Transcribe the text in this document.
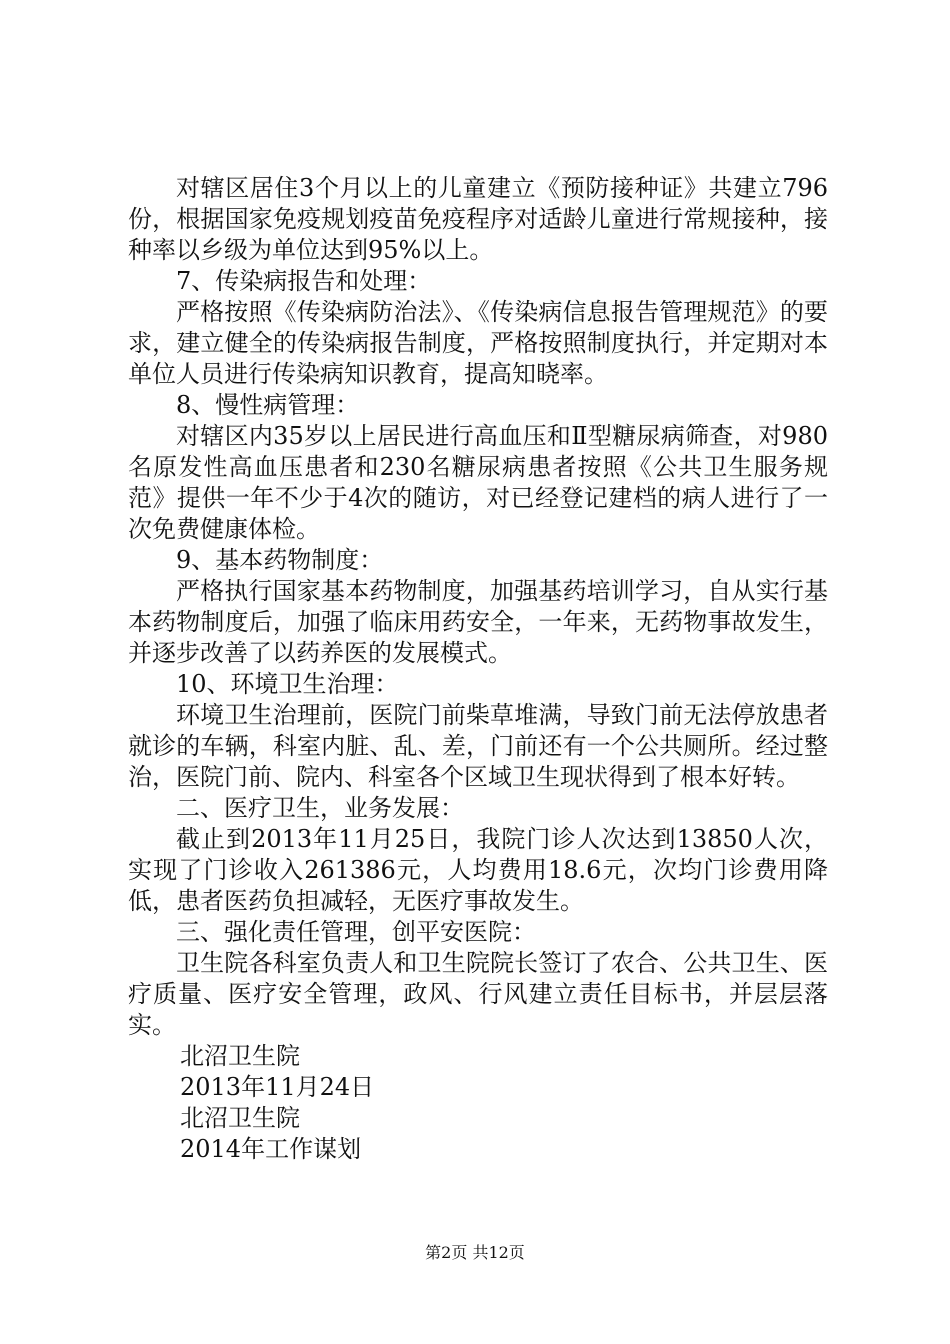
对辖区居住3个月以上的儿童建立《预防接种证》共建立796份，根据国家免疫规划疫苗免疫程序对适龄儿童进行常规接种，接种率以乡级为单位达到95%以上。

7、传染病报告和处理：

严格按照《传染病防治法》、《传染病信息报告管理规范》的要求，建立健全的传染病报告制度，严格按照制度执行，并定期对本单位人员进行传染病知识教育，提高知晓率。

8、慢性病管理：

对辖区内35岁以上居民进行高血压和Ⅱ型糖尿病筛查，对980名原发性高血压患者和230名糖尿病患者按照《公共卫生服务规范》提供一年不少于4次的随访，对已经登记建档的病人进行了一次免费健康体检。

9、基本药物制度：

严格执行国家基本药物制度，加强基药培训学习，自从实行基本药物制度后，加强了临床用药安全，一年来，无药物事故发生，并逐步改善了以药养医的发展模式。

10、环境卫生治理：

环境卫生治理前，医院门前柴草堆满，导致门前无法停放患者就诊的车辆，科室内脏、乱、差，门前还有一个公共厕所。经过整治，医院门前、院内、科室各个区域卫生现状得到了根本好转。

二、医疗卫生，业务发展：

截止到2013年11月25日，我院门诊人次达到13850人次，实现了门诊收入261386元，人均费用18.6元，次均门诊费用降低，患者医药负担减轻，无医疗事故发生。

三、强化责任管理，创平安医院：

卫生院各科室负责人和卫生院院长签订了农合、公共卫生、医疗质量、医疗安全管理，政风、行风建立责任目标书，并层层落实。

北沼卫生院

2013年11月24日

北沼卫生院

2014年工作谋划

第2页 共12页
